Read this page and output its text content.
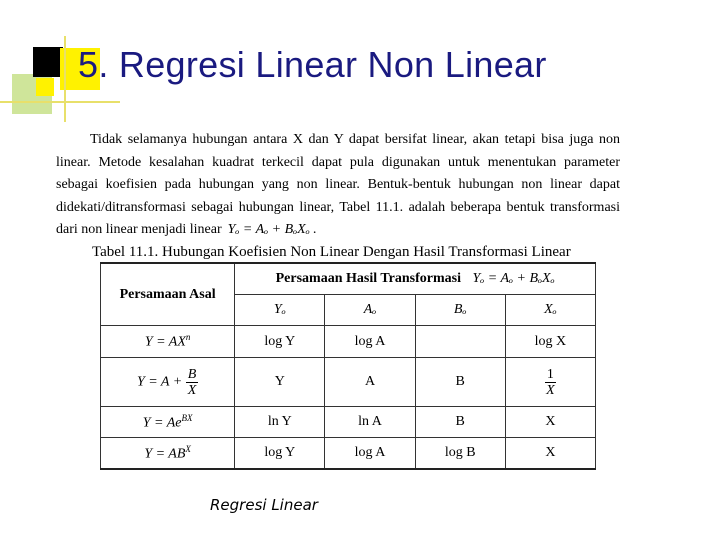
5. Regresi Linear Non Linear
Tidak selamanya hubungan antara X dan Y dapat bersifat linear, akan tetapi bisa juga non linear. Metode kesalahan kuadrat terkecil dapat pula digunakan untuk menentukan parameter sebagai koefisien pada hubungan yang non linear. Bentuk-bentuk hubungan non linear dapat didekati/ditransformasi sebagai hubungan linear, Tabel 11.1. adalah beberapa bentuk transformasi dari non linear menjadi linear Yₒ = Aₒ + BₒXₒ .
Tabel 11.1. Hubungan Koefisien Non Linear Dengan Hasil Transformasi Linear
Persamaan Asal	Persamaan Hasil Transformasi Yₒ = Aₒ + BₒXₒ			
	Yₒ	Aₒ	Bₒ	Xₒ
$Y = AX^n$	log Y	log A		log X
$Y = A + \frac{B}{X}$	Y	A	B	$\frac{1}{X}$

$Y = Ae^{BX}$	ln Y	ln A	B	X
$Y = AB^X$	log Y	log A	log B	X
Regresi Linear
